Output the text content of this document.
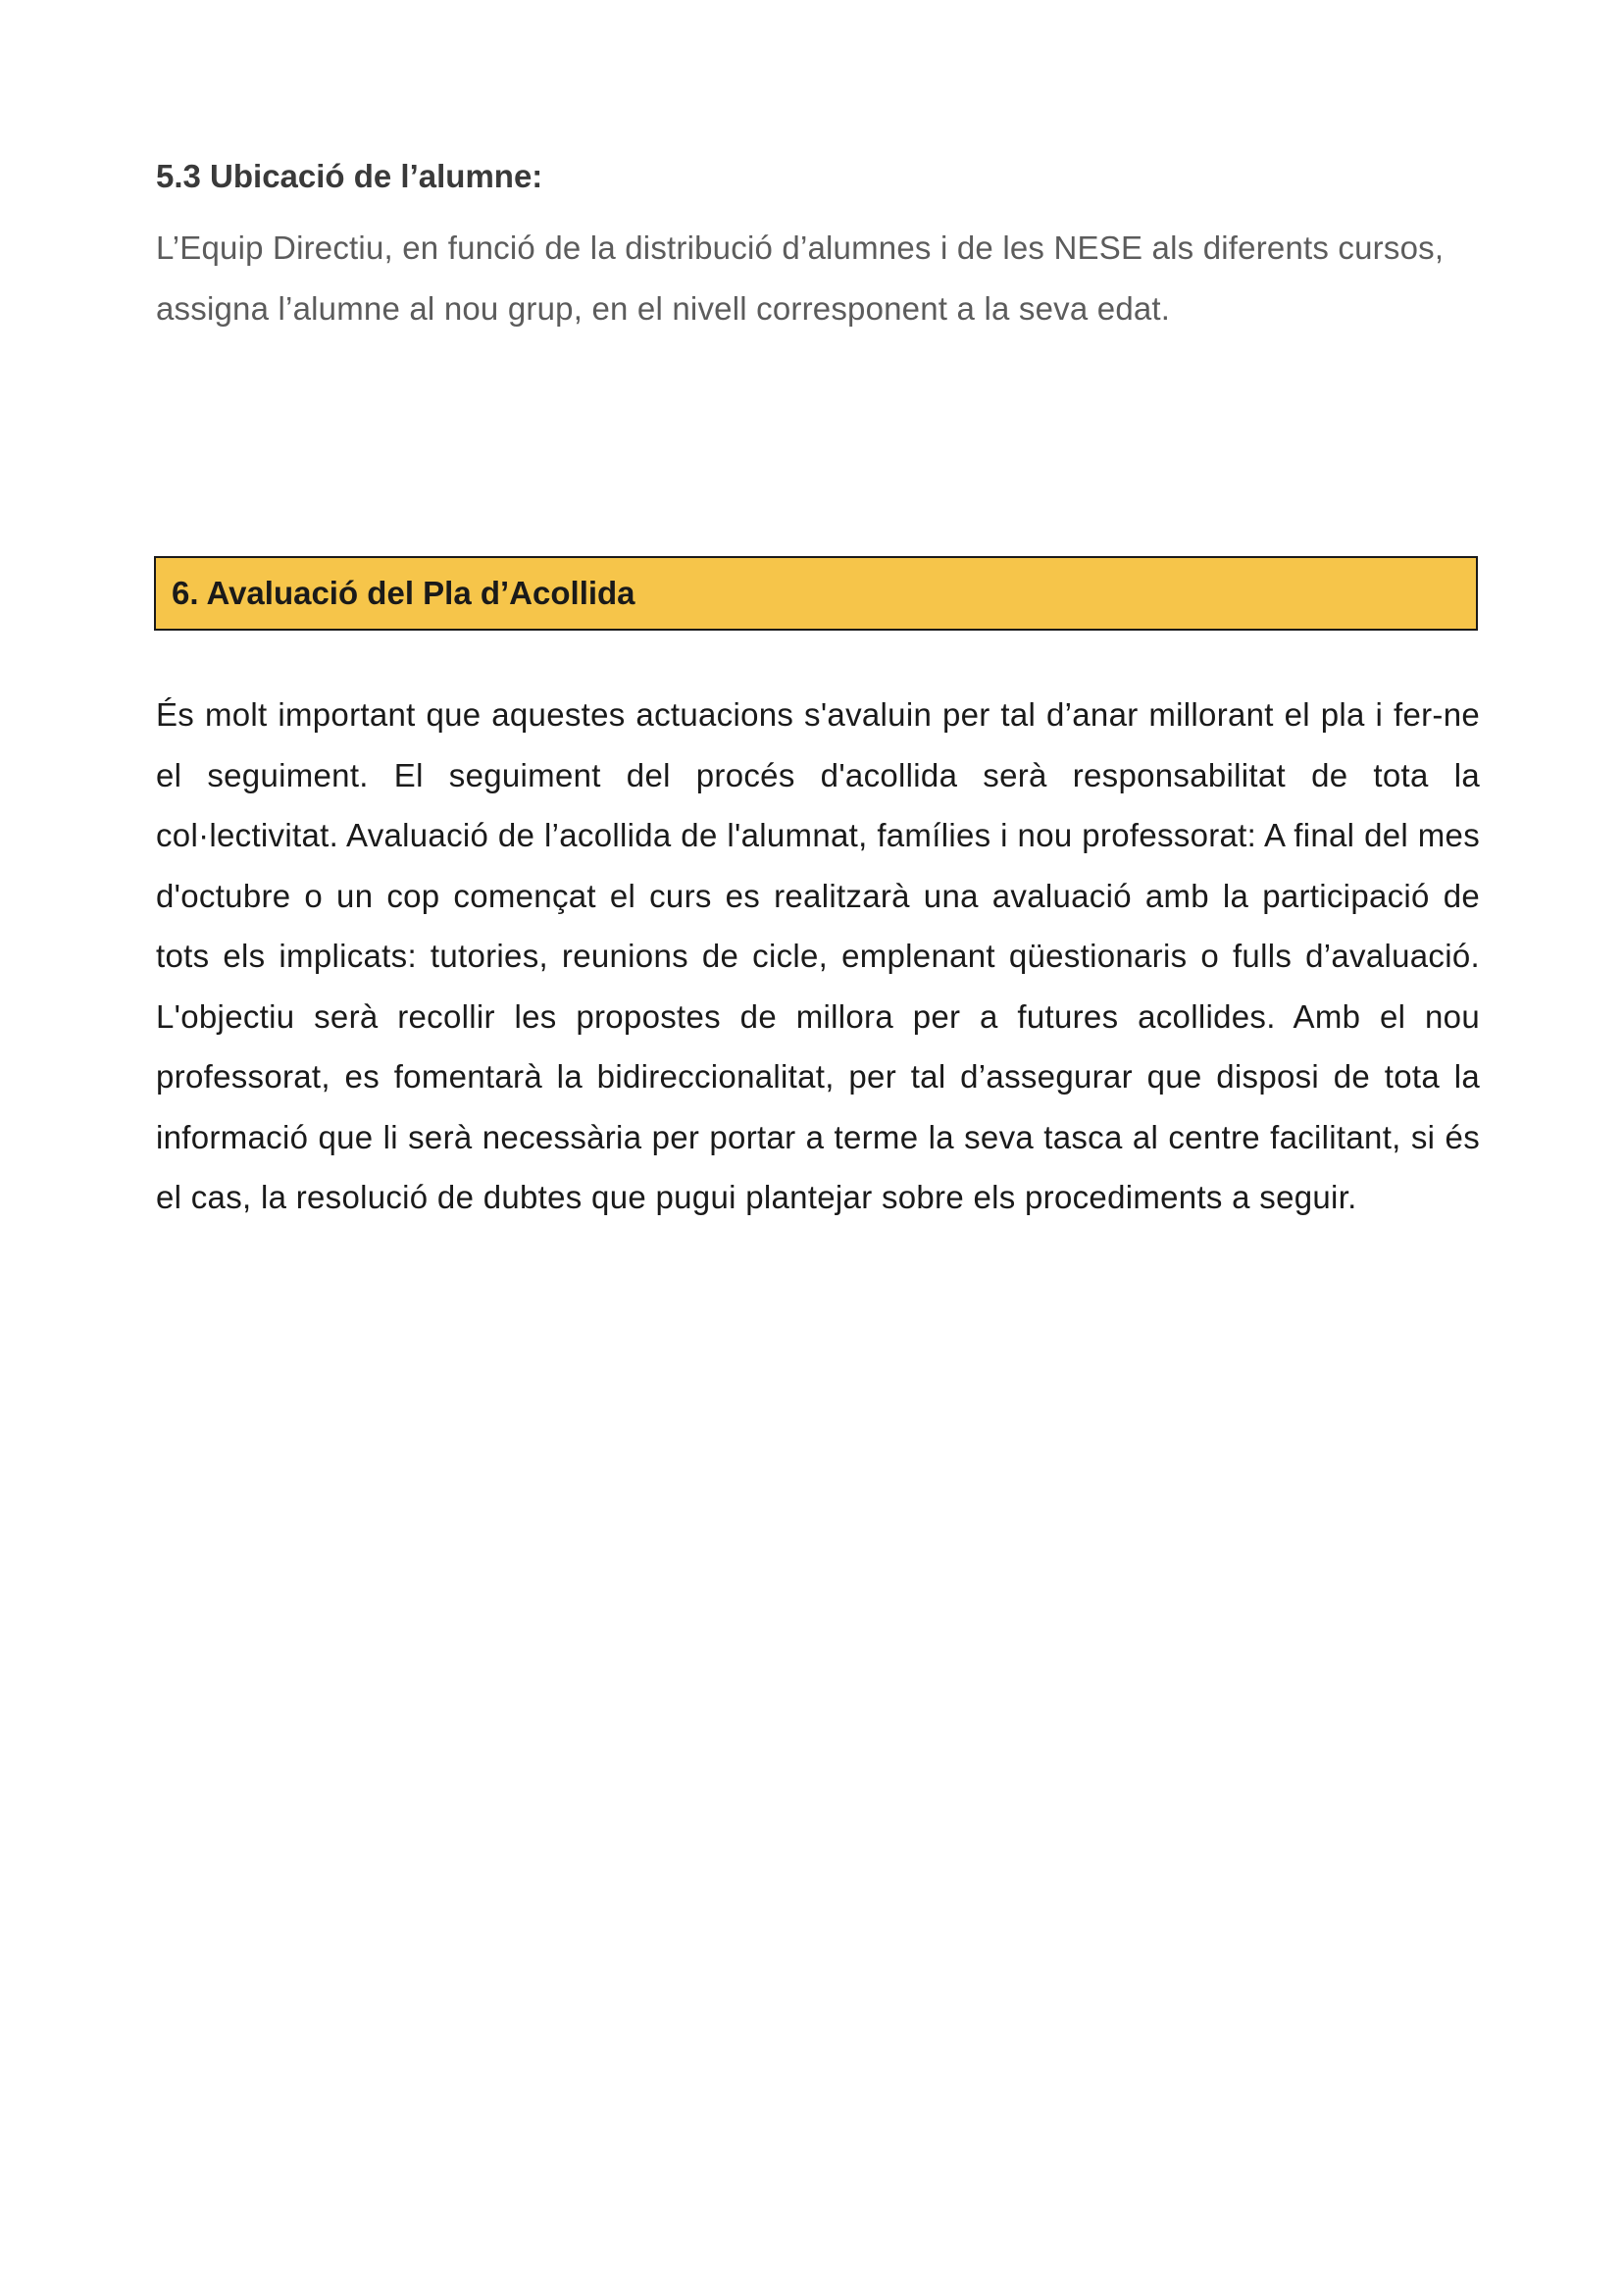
5.3 Ubicació de l’alumne:

L’Equip Directiu, en funció de la distribució d’alumnes i de les NESE als diferents cursos, assigna l’alumne al nou grup, en el nivell corresponent a la seva edat.

6. Avaluació del Pla d’Acollida

És molt important que aquestes actuacions s'avaluin per tal d’anar millorant el pla i fer-ne el seguiment. El seguiment del procés d'acollida serà responsabilitat de tota la col·lectivitat. Avaluació de l’acollida de l'alumnat, famílies i nou professorat: A final del mes d'octubre o un cop començat el curs es realitzarà una avaluació amb la participació de tots els implicats: tutories, reunions de cicle, emplenant qüestionaris o fulls d’avaluació. L'objectiu serà recollir les propostes de millora per a futures acollides. Amb el nou professorat, es fomentarà la bidireccionalitat, per tal d’assegurar que disposi de tota la informació que li serà necessària per portar a terme la seva tasca al centre facilitant, si és el cas, la resolució de dubtes que pugui plantejar sobre els procediments a seguir.
